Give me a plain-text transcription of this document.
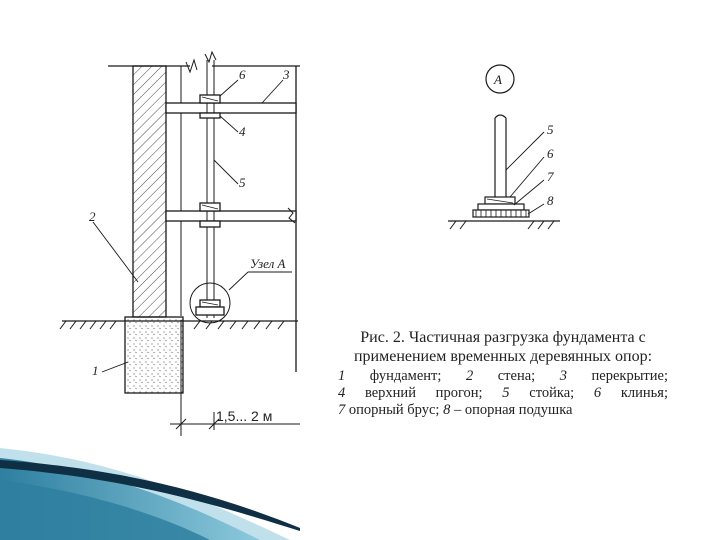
1
2
6	3
4
5
Узел А
1,5... 2 м
А
5
6
7
8
Рис. 2. Частичная разгрузка фундамента с
применением временных деревянных опор:
1 фундамент; 2 стена; 3 перекрытие; 4 верхний прогон; 5 стойка; 6 клинья; 7 опорный брус; 8 – опорная подушка
